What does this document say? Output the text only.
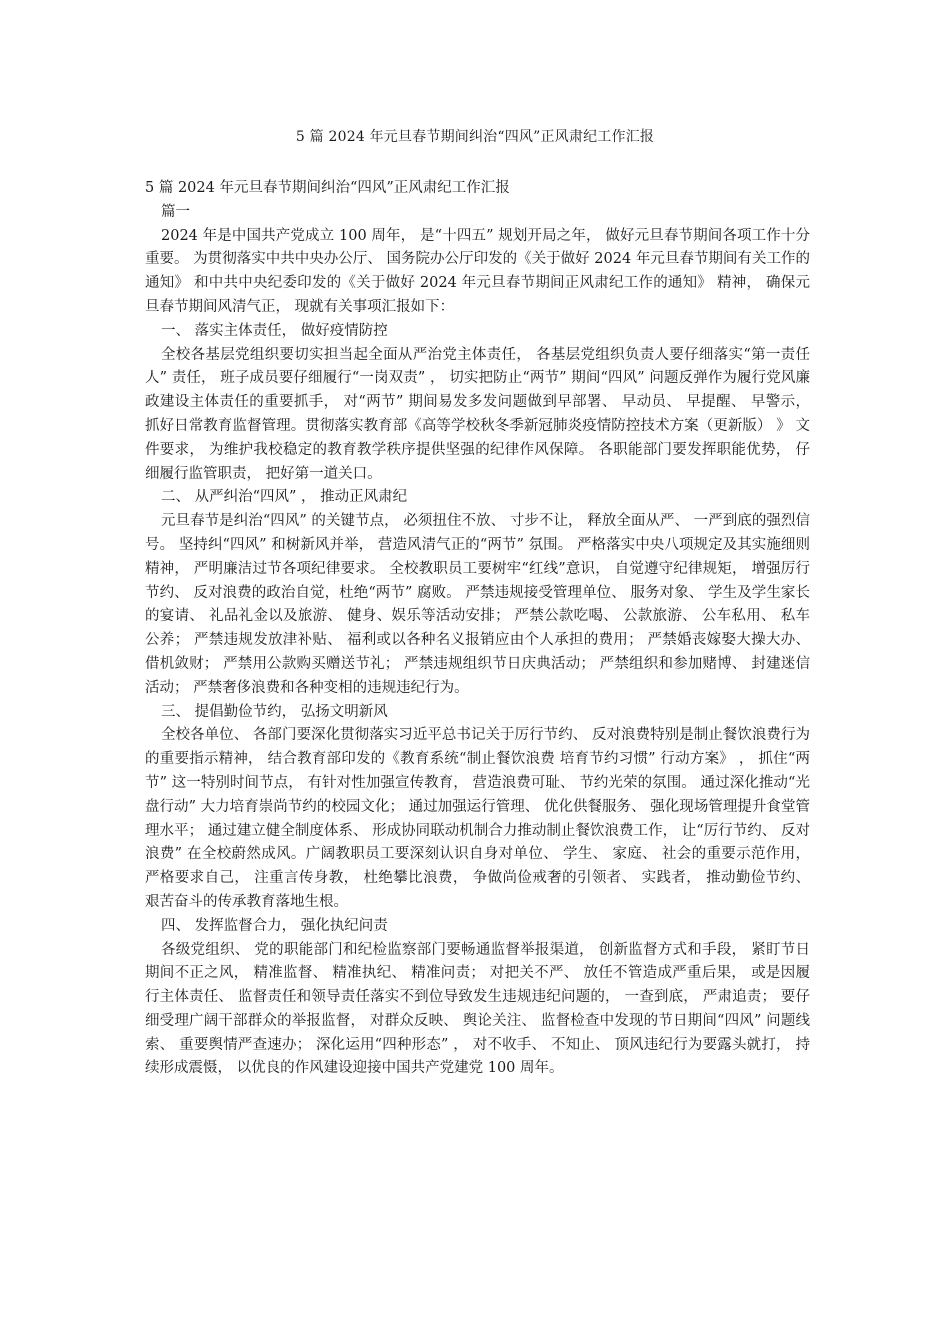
5 篇 2024 年元旦春节期间纠治“四风”正风肃纪工作汇报

5 篇 2024 年元旦春节期间纠治“四风”正风肃纪工作汇报

篇一

2024 年是中国共产党成立 100 周年， 是“十四五” 规划开局之年， 做好元旦春节期间各项工作十分重要。 为贯彻落实中共中央办公厅、 国务院办公厅印发的《关于做好 2024 年元旦春节期间有关工作的通知》 和中共中央纪委印发的《关于做好 2024 年元旦春节期间正风肃纪工作的通知》 精神， 确保元旦春节期间风清气正， 现就有关事项汇报如下：

一、 落实主体责任， 做好疫情防控

全校各基层党组织要切实担当起全面从严治党主体责任， 各基层党组织负责人要仔细落实“第一责任人” 责任， 班子成员要仔细履行“一岗双责” ， 切实把防止“两节” 期间“四风” 问题反弹作为履行党风廉政建设主体责任的重要抓手， 对“两节” 期间易发多发问题做到早部署、 早动员、 早提醒、 早警示， 抓好日常教育监督管理。贯彻落实教育部《高等学校秋冬季新冠肺炎疫情防控技术方案（更新版） 》 文件要求， 为维护我校稳定的教育教学秩序提供坚强的纪律作风保障。 各职能部门要发挥职能优势， 仔细履行监管职责， 把好第一道关口。

二、 从严纠治“四风” ， 推动正风肃纪

元旦春节是纠治“四风” 的关键节点， 必须扭住不放、 寸步不让， 释放全面从严、 一严到底的强烈信号。 坚持纠“四风” 和树新风并举， 营造风清气正的“两节” 氛围。 严格落实中央八项规定及其实施细则精神， 严明廉洁过节各项纪律要求。 全校教职员工要树牢“红线”意识， 自觉遵守纪律规矩， 增强厉行节约、 反对浪费的政治自觉，杜绝“两节” 腐败。 严禁违规接受管理单位、 服务对象、 学生及学生家长的宴请、 礼品礼金以及旅游、 健身、娱乐等活动安排； 严禁公款吃喝、 公款旅游、 公车私用、 私车公养； 严禁违规发放津补贴、 福利或以各种名义报销应由个人承担的费用； 严禁婚丧嫁娶大操大办、 借机敛财； 严禁用公款购买赠送节礼； 严禁违规组织节日庆典活动； 严禁组织和参加赌博、 封建迷信活动； 严禁奢侈浪费和各种变相的违规违纪行为。

三、 提倡勤俭节约， 弘扬文明新风

全校各单位、 各部门要深化贯彻落实习近平总书记关于厉行节约、 反对浪费特别是制止餐饮浪费行为的重要指示精神， 结合教育部印发的《教育系统“制止餐饮浪费 培育节约习惯” 行动方案》 ， 抓住“两节” 这一特别时间节点， 有针对性加强宣传教育， 营造浪费可耻、 节约光荣的氛围。 通过深化推动“光盘行动” 大力培育崇尚节约的校园文化； 通过加强运行管理、 优化供餐服务、 强化现场管理提升食堂管理水平； 通过建立健全制度体系、 形成协同联动机制合力推动制止餐饮浪费工作， 让“厉行节约、 反对浪费” 在全校蔚然成风。广阔教职员工要深刻认识自身对单位、 学生、 家庭、 社会的重要示范作用， 严格要求自己， 注重言传身教， 杜绝攀比浪费， 争做尚俭戒奢的引领者、 实践者， 推动勤俭节约、 艰苦奋斗的传承教育落地生根。

四、 发挥监督合力， 强化执纪问责

各级党组织、 党的职能部门和纪检监察部门要畅通监督举报渠道， 创新监督方式和手段， 紧盯节日期间不正之风， 精准监督、 精准执纪、 精准问责； 对把关不严、 放任不管造成严重后果， 或是因履行主体责任、 监督责任和领导责任落实不到位导致发生违规违纪问题的， 一查到底， 严肃追责； 要仔细受理广阔干部群众的举报监督， 对群众反映、 舆论关注、 监督检查中发现的节日期间“四风” 问题线索、 重要舆情严查速办； 深化运用“四种形态” ， 对不收手、 不知止、 顶风违纪行为要露头就打， 持续形成震慑， 以优良的作风建设迎接中国共产党建党 100 周年。
